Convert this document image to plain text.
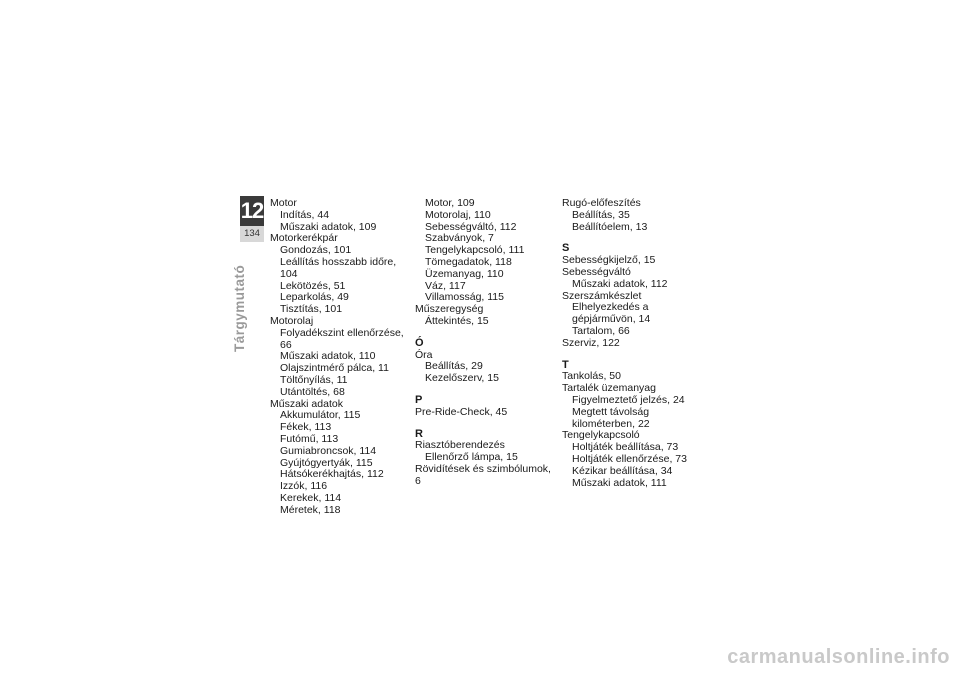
12
134
Tárgymutató
Motor
Indítás, 44
Műszaki adatok, 109
Motorkerékpár
Gondozás, 101
Leállítás hosszabb időre, 104
Lekötözés, 51
Leparkolás, 49
Tisztítás, 101
Motorolaj
Folyadékszint ellenőrzése, 66
Műszaki adatok, 110
Olajszintmérő pálca, 11
Töltőnyílás, 11
Utántöltés, 68
Műszaki adatok
Akkumulátor, 115
Fékek, 113
Futómű, 113
Gumiabroncsok, 114
Gyújtógyertyák, 115
Hátsókerékhajtás, 112
Izzók, 116
Kerekek, 114
Méretek, 118
Motor, 109
Motorolaj, 110
Sebességváltó, 112
Szabványok, 7
Tengelykapcsoló, 111
Tömegadatok, 118
Üzemanyag, 110
Váz, 117
Villamosság, 115
Műszeregység
Áttekintés, 15
Ó
Óra
Beállítás, 29
Kezelőszerv, 15
P
Pre-Ride-Check, 45
R
Riasztóberendezés
Ellenőrző lámpa, 15
Rövidítések és szimbólumok, 6
Rugó-előfeszítés
Beállítás, 35
Beállítóelem, 13
S
Sebességkijelző, 15
Sebességváltó
Műszaki adatok, 112
Szerszámkészlet
Elhelyezkedés a
gépjárművön, 14
Tartalom, 66
Szerviz, 122
T
Tankolás, 50
Tartalék üzemanyag
Figyelmeztető jelzés, 24
Megtett távolság
kilométerben, 22
Tengelykapcsoló
Holtjáték beállítása, 73
Holtjáték ellenőrzése, 73
Kézikar beállítása, 34
Műszaki adatok, 111
carmanualsonline.info
